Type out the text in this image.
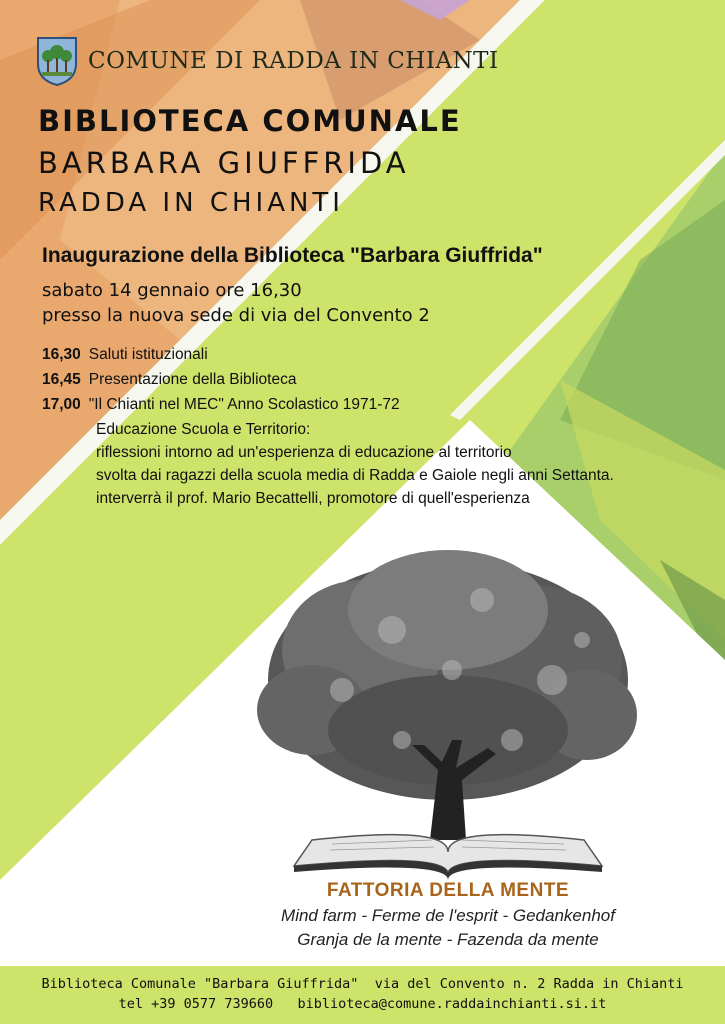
COMUNE DI RADDA IN CHIANTI
BIBLIOTECA COMUNALE
BARBARA GIUFFRIDA
RADDA IN CHIANTI
Inaugurazione della Biblioteca "Barbara Giuffrida"
sabato 14 gennaio ore 16,30
presso la nuova sede di via del Convento 2
16,30 Saluti istituzionali
16,45 Presentazione della Biblioteca
17,00 "Il Chianti nel MEC" Anno Scolastico 1971-72
Educazione Scuola e Territorio:
riflessioni intorno ad un'esperienza di educazione al territorio
svolta dai ragazzi della scuola media di Radda e Gaiole negli anni Settanta.
interverrà il prof. Mario Becattelli, promotore di quell'esperienza
FATTORIA DELLA MENTE
Mind farm - Ferme de l'esprit - Gedankenhof
Granja de la mente - Fazenda da mente
Biblioteca Comunale "Barbara Giuffrida"  via del Convento n. 2 Radda in Chianti
tel +39 0577 739660   biblioteca@comune.raddainchianti.si.it
